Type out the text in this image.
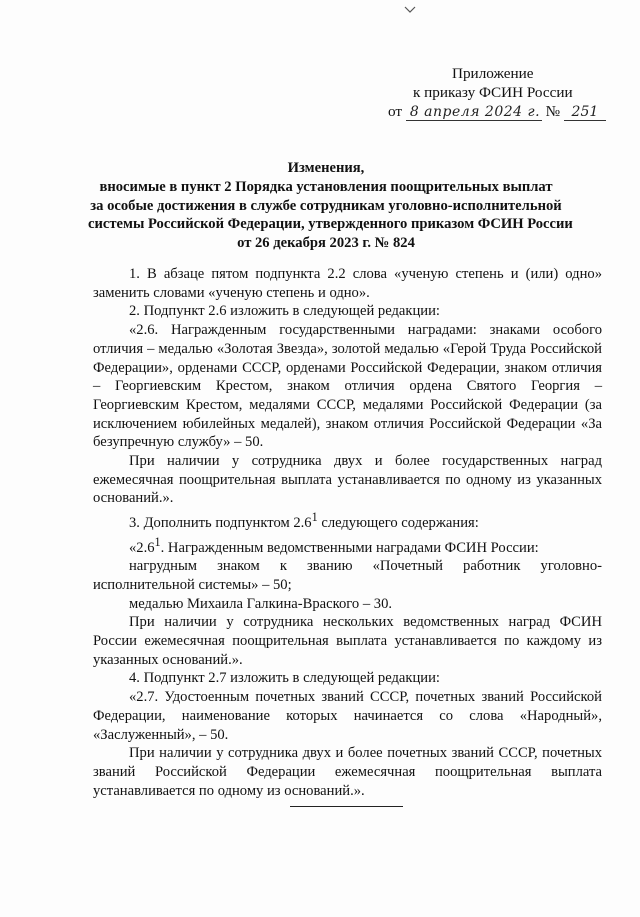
Приложение
к приказу ФСИН России
от 8 апреля 2024 г. № 251
Изменения,
вносимые в пункт 2 Порядка установления поощрительных выплат
за особые достижения в службе сотрудникам уголовно-исполнительной
системы Российской Федерации, утвержденного приказом ФСИН России
от 26 декабря 2023 г. № 824

1. В абзаце пятом подпункта 2.2 слова «ученую степень и (или) одно» заменить словами «ученую степень и одно».

2. Подпункт 2.6 изложить в следующей редакции:

«2.6. Награжденным государственными наградами: знаками особого отличия – медалью «Золотая Звезда», золотой медалью «Герой Труда Российской Федерации», орденами СССР, орденами Российской Федерации, знаком отличия – Георгиевским Крестом, знаком отличия ордена Святого Георгия – Георгиевским Крестом, медалями СССР, медалями Российской Федерации (за исключением юбилейных медалей), знаком отличия Российской Федерации «За безупречную службу» – 50.

При наличии у сотрудника двух и более государственных наград ежемесячная поощрительная выплата устанавливается по одному из указанных оснований.».

3. Дополнить подпунктом $2.6^1$ следующего содержания:

«$2.6^1$. Награжденным ведомственными наградами ФСИН России:

нагрудным знаком к званию «Почетный работник уголовно-исполнительной системы» – 50;

медалью Михаила Галкина-Враского – 30.

При наличии у сотрудника нескольких ведомственных наград ФСИН России ежемесячная поощрительная выплата устанавливается по каждому из указанных оснований.».

4. Подпункт 2.7 изложить в следующей редакции:

«2.7. Удостоенным почетных званий СССР, почетных званий Российской Федерации, наименование которых начинается со слова «Народный», «Заслуженный», – 50.

При наличии у сотрудника двух и более почетных званий СССР, почетных званий Российской Федерации ежемесячная поощрительная выплата устанавливается по одному из оснований.».
